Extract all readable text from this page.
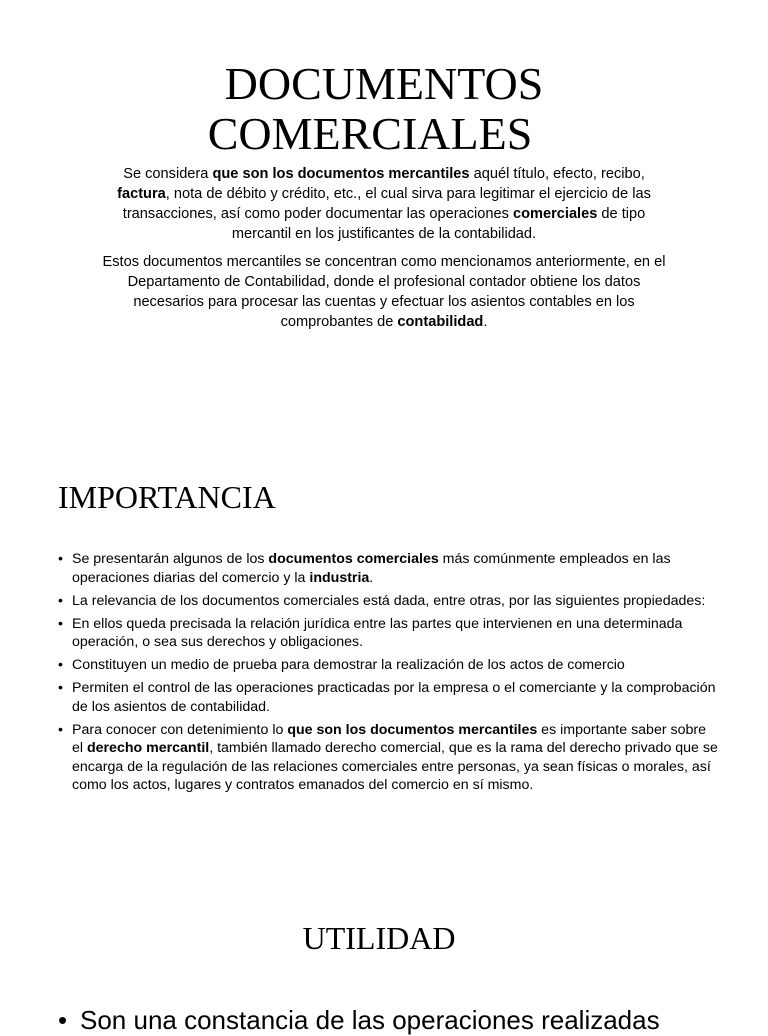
DOCUMENTOS
COMERCIALES

Se considera que son los documentos mercantiles aquél título, efecto, recibo, factura, nota de débito y crédito, etc., el cual sirva para legitimar el ejercicio de las transacciones, así como poder documentar las operaciones comerciales de tipo mercantil en los justificantes de la contabilidad.

Estos documentos mercantiles se concentran como mencionamos anteriormente, en el Departamento de Contabilidad, donde el profesional contador obtiene los datos necesarios para procesar las cuentas y efectuar los asientos contables en los comprobantes de contabilidad.

IMPORTANCIA
• Se presentarán algunos de los documentos comerciales más comúnmente empleados en las operaciones diarias del comercio y la industria.
• La relevancia de los documentos comerciales está dada, entre otras, por las siguientes propiedades:
• En ellos queda precisada la relación jurídica entre las partes que intervienen en una determinada operación, o sea sus derechos y obligaciones.
• Constituyen un medio de prueba para demostrar la realización de los actos de comercio
• Permiten el control de las operaciones practicadas por la empresa o el comerciante y la comprobación de los asientos de contabilidad.
• Para conocer con detenimiento lo que son los documentos mercantiles es importante saber sobre el derecho mercantil, también llamado derecho comercial, que es la rama del derecho privado que se encarga de la regulación de las relaciones comerciales entre personas, ya sean físicas o morales, así como los actos, lugares y contratos emanados del comercio en sí mismo.
UTILIDAD
• Son una constancia de las operaciones realizadas
